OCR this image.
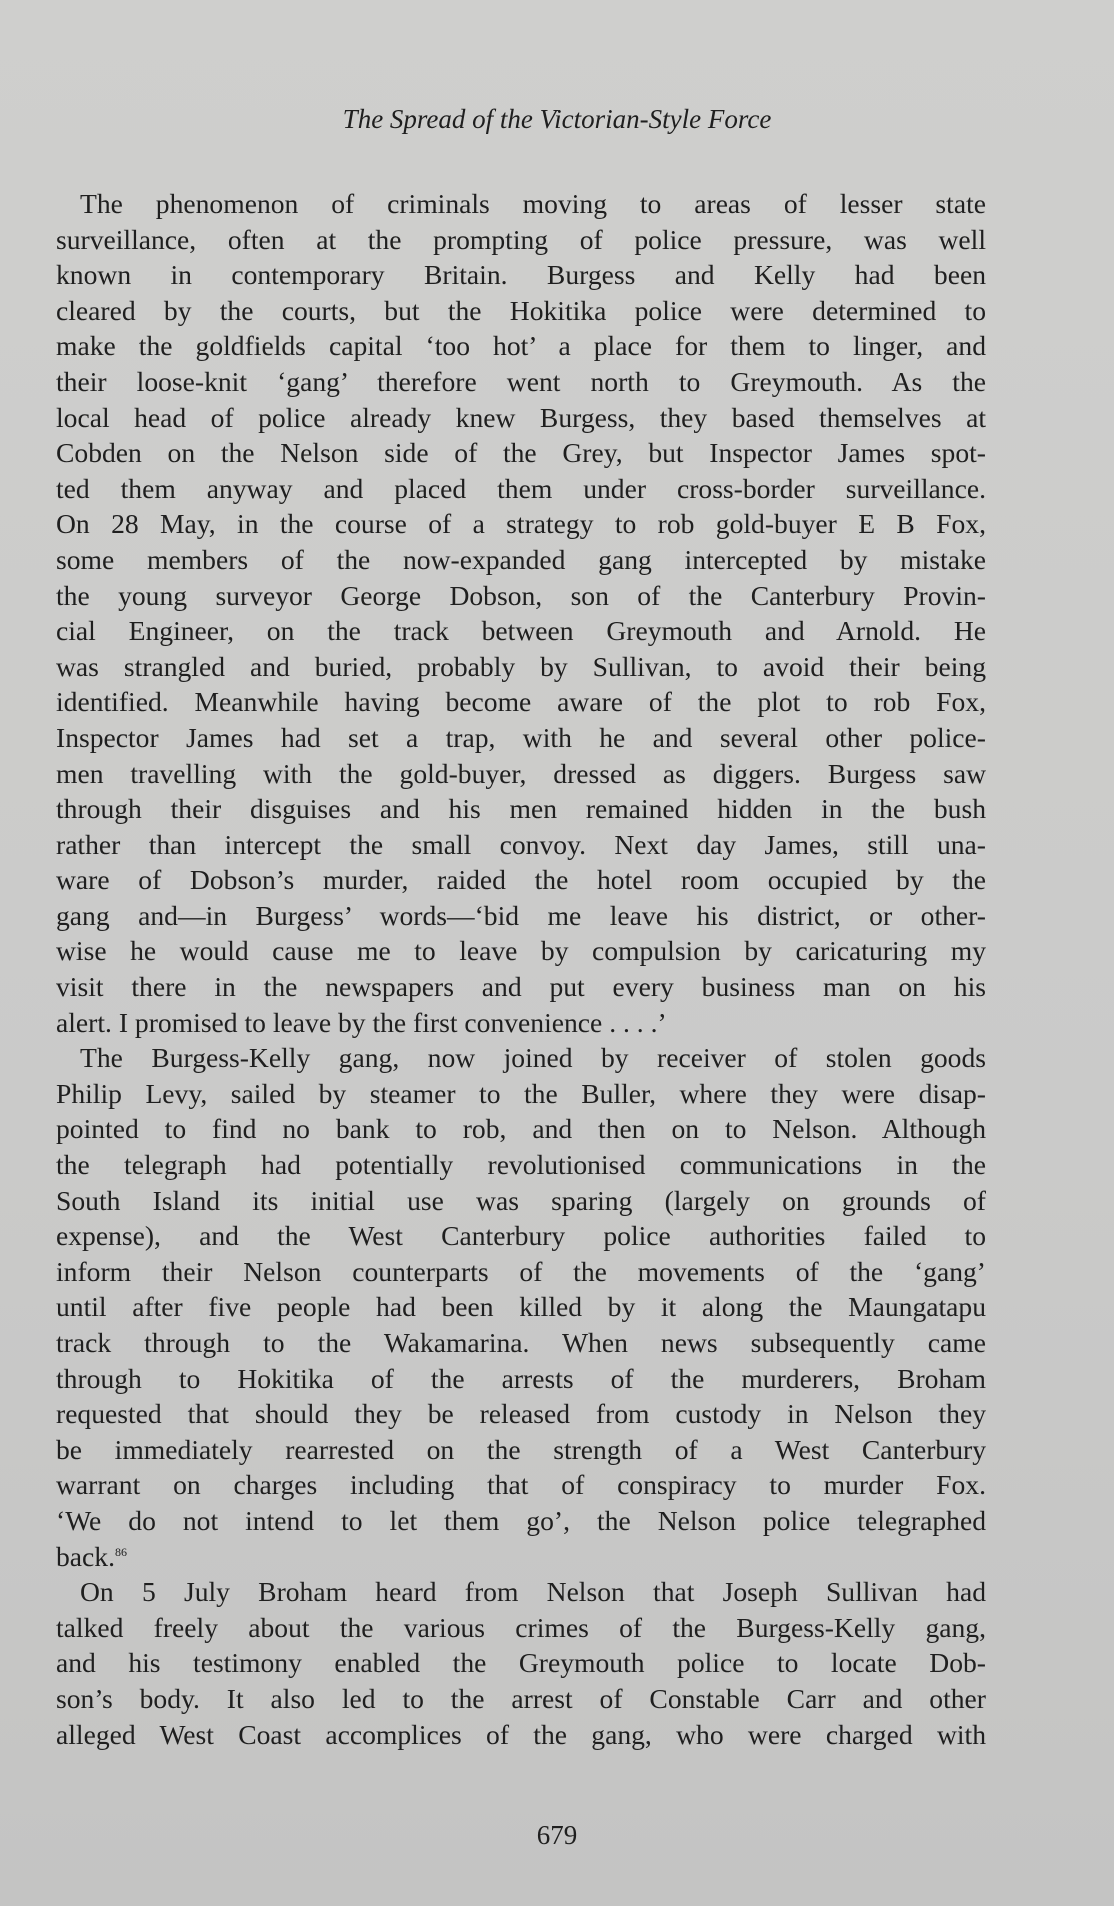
The Spread of the Victorian-Style Force
The phenomenon of criminals moving to areas of lesser state
surveillance, often at the prompting of police pressure, was well
known in contemporary Britain. Burgess and Kelly had been
cleared by the courts, but the Hokitika police were determined to
make the goldfields capital ‘too hot’ a place for them to linger, and
their loose-knit ‘gang’ therefore went north to Greymouth. As the
local head of police already knew Burgess, they based themselves at
Cobden on the Nelson side of the Grey, but Inspector James spot-
ted them anyway and placed them under cross-border surveillance.
On 28 May, in the course of a strategy to rob gold-buyer E B Fox,
some members of the now-expanded gang intercepted by mistake
the young surveyor George Dobson, son of the Canterbury Provin-
cial Engineer, on the track between Greymouth and Arnold. He
was strangled and buried, probably by Sullivan, to avoid their being
identified. Meanwhile having become aware of the plot to rob Fox,
Inspector James had set a trap, with he and several other police-
men travelling with the gold-buyer, dressed as diggers. Burgess saw
through their disguises and his men remained hidden in the bush
rather than intercept the small convoy. Next day James, still una-
ware of Dobson’s murder, raided the hotel room occupied by the
gang and—in Burgess’ words—‘bid me leave his district, or other-
wise he would cause me to leave by compulsion by caricaturing my
visit there in the newspapers and put every business man on his
alert. I promised to leave by the first convenience . . . .’
The Burgess-Kelly gang, now joined by receiver of stolen goods
Philip Levy, sailed by steamer to the Buller, where they were disap-
pointed to find no bank to rob, and then on to Nelson. Although
the telegraph had potentially revolutionised communications in the
South Island its initial use was sparing (largely on grounds of
expense), and the West Canterbury police authorities failed to
inform their Nelson counterparts of the movements of the ‘gang’
until after five people had been killed by it along the Maungatapu
track through to the Wakamarina. When news subsequently came
through to Hokitika of the arrests of the murderers, Broham
requested that should they be released from custody in Nelson they
be immediately rearrested on the strength of a West Canterbury
warrant on charges including that of conspiracy to murder Fox.
‘We do not intend to let them go’, the Nelson police telegraphed
back.$^{86}$
On 5 July Broham heard from Nelson that Joseph Sullivan had
talked freely about the various crimes of the Burgess-Kelly gang,
and his testimony enabled the Greymouth police to locate Dob-
son’s body. It also led to the arrest of Constable Carr and other
alleged West Coast accomplices of the gang, who were charged with
679
